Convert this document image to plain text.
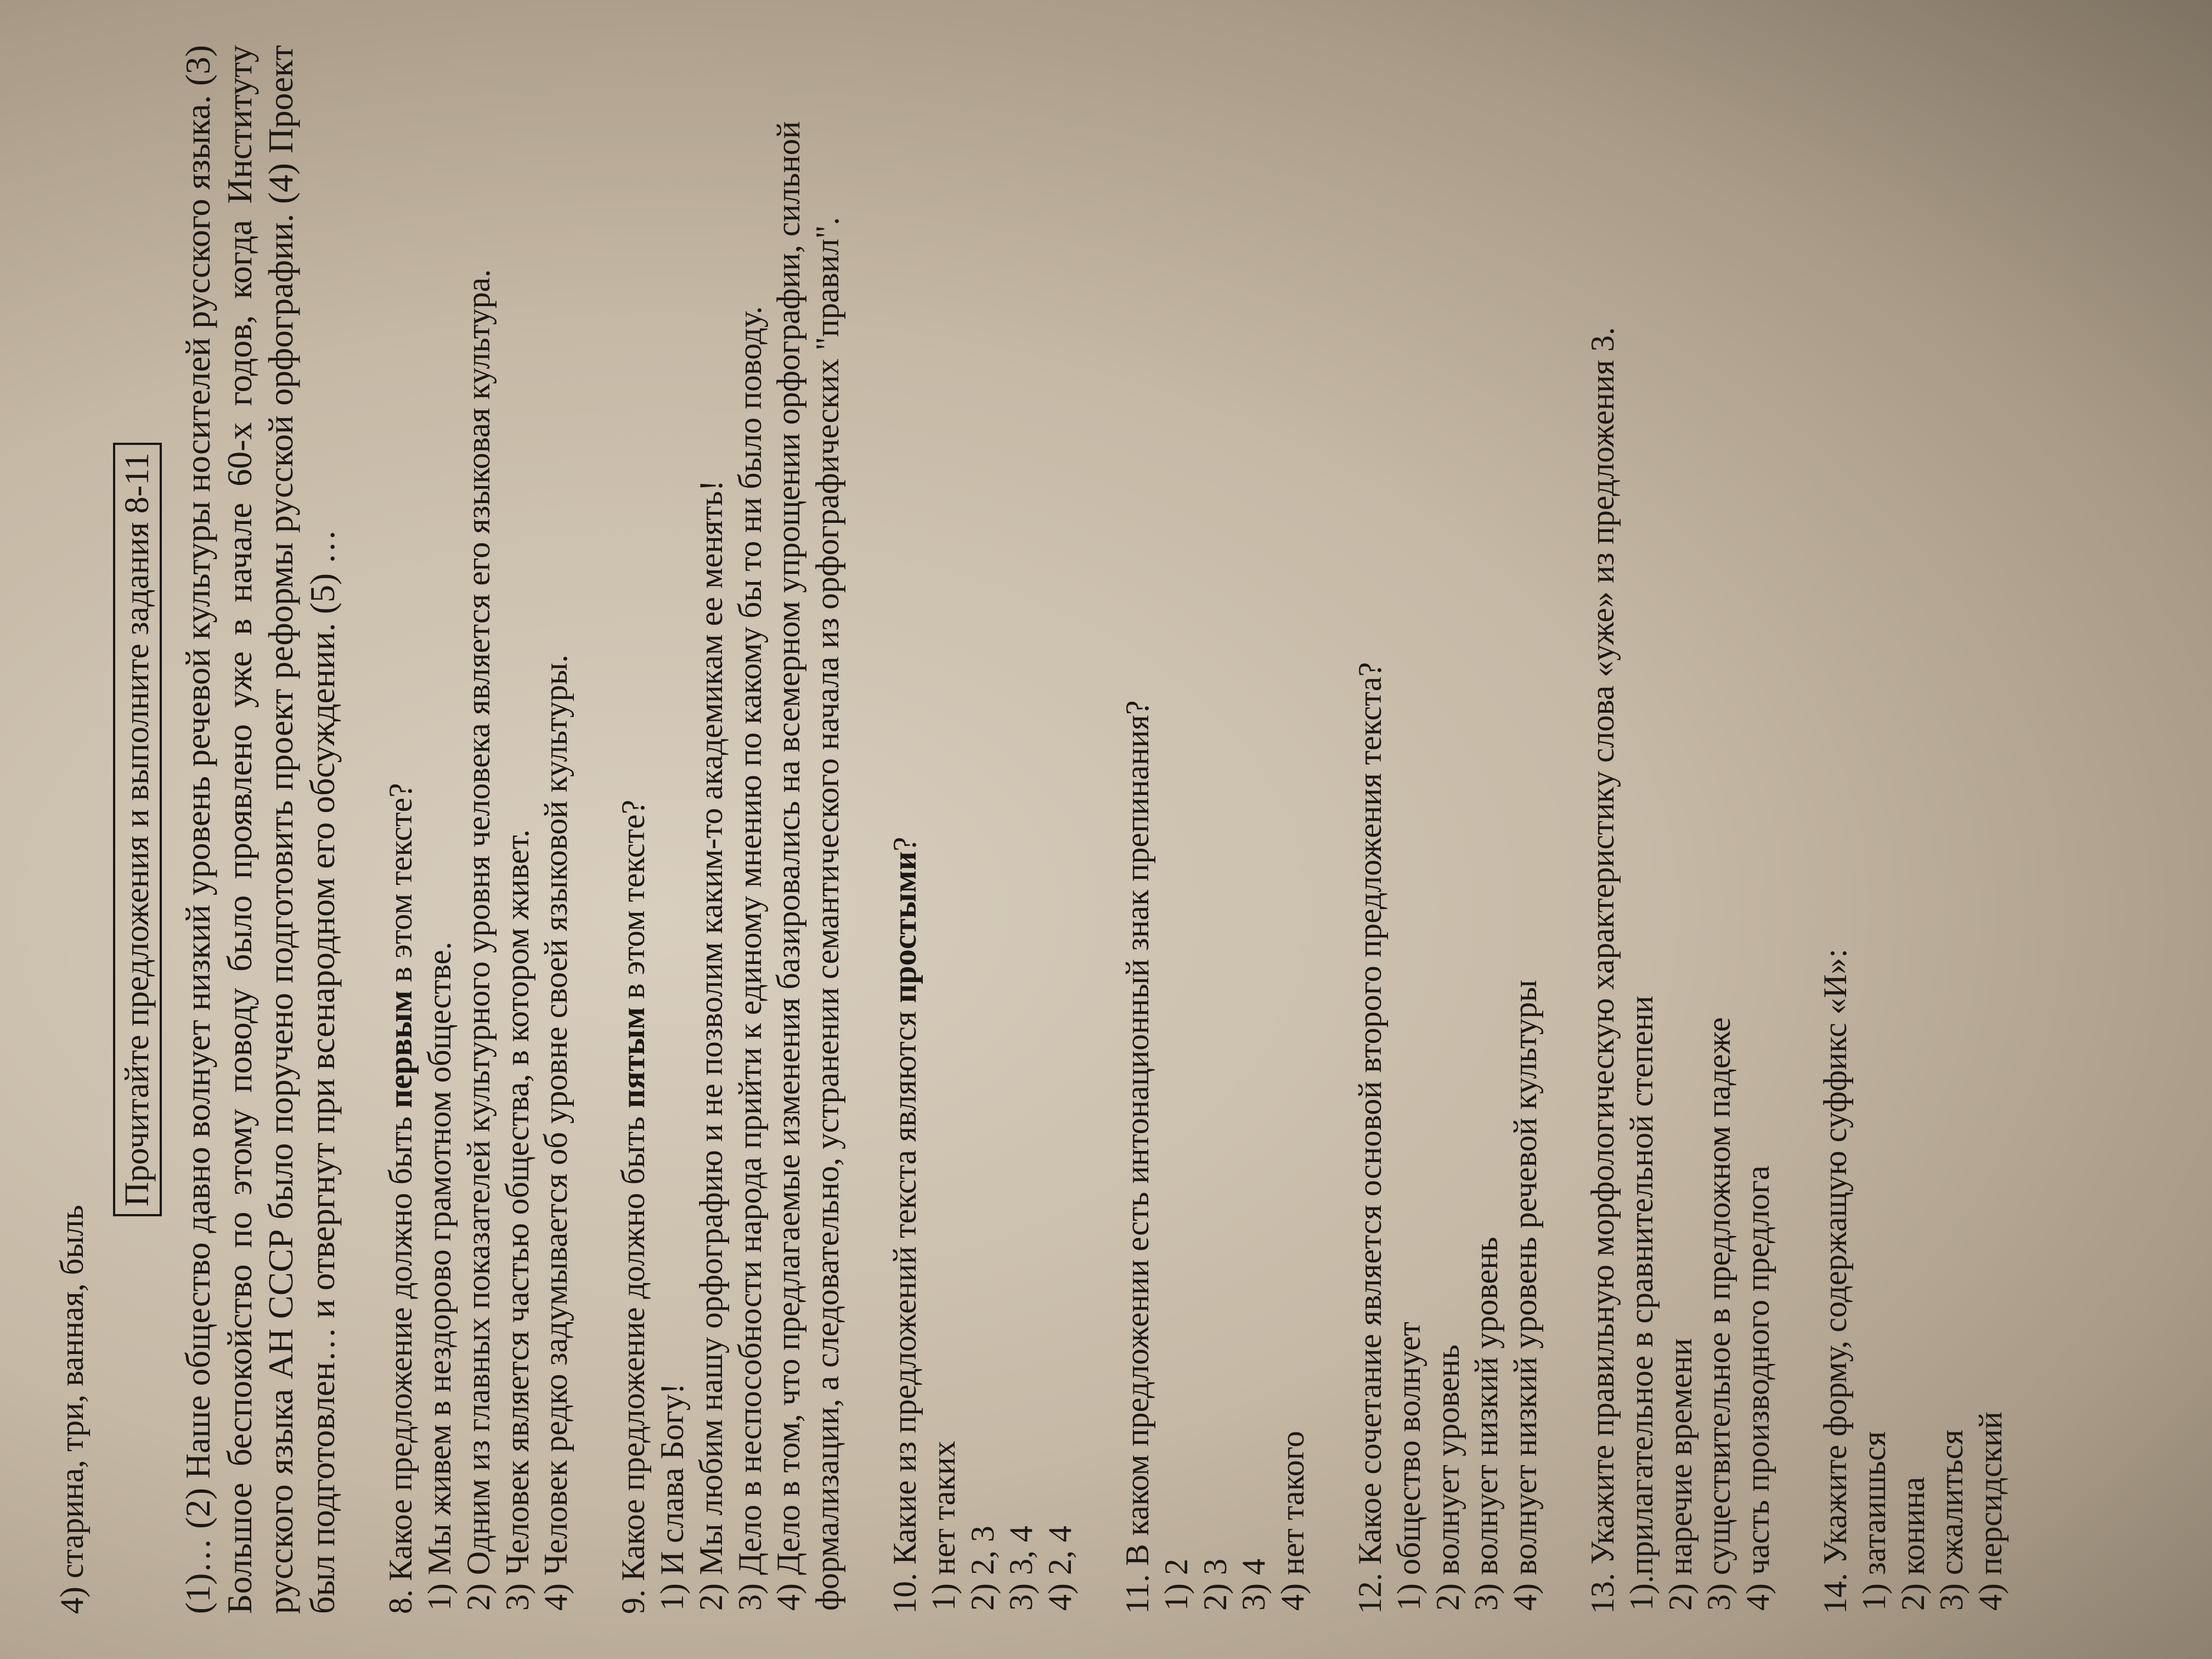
4) старина, три, ванная, быль

Прочитайте предложения и выполните задания 8-11 (1)… (2) Наше общество давно волнует низкий уровень речевой культуры носителей русского языка. (3) Большое беспокойство по этому поводу было проявлено уже в начале 60-х годов, когда Институту русского языка АН СССР было поручено подготовить проект реформы русской орфографии. (4) Проект был подготовлен… и отвергнут при всенародном его обсуждении. (5) … 8. Какое предложение должно быть первым в этом тексте?

1) Мы живем в нездорово грамотном обществе. 2) Одним из главных показателей культурного уровня человека является его языковая культура. 3) Человек является частью общества, в котором живет. 4) Человек редко задумывается об уровне своей языковой культуры. 9. Какое предложение должно быть пятым в этом тексте?

1) И слава Богу! 2) Мы любим нашу орфографию и не позволим каким-то академикам ее менять! 3) Дело в неспособности народа прийти к единому мнению по какому бы то ни было поводу. 4) Дело в том, что предлагаемые изменения базировались на всемерном упрощении орфографии, сильной формализации, а следовательно, устранении семантического начала из орфографических "правил". 10. Какие из предложений текста являются простыми?

1) нет таких 2) 2, 3 3) 3, 4 4) 2, 4 11. В каком предложении есть интонационный знак препинания?

1) 2 2) 3 3) 4 4) нет такого 12. Какое сочетание является основой второго предложения текста? 1) общество волнует 2) волнует уровень 3) волнует низкий уровень 4) волнует низкий уровень речевой культуры 13. Укажите правильную морфологическую характеристику слова «уже» из предложения 3. 1).прилагательное в сравнительной степени 2) наречие времени 3) существительное в предложном падеже 4) часть производного предлога 14. Укажите форму, содержащую суффикс «И»: 1) затаишься 2) конина 3) сжалиться 4) персидский
